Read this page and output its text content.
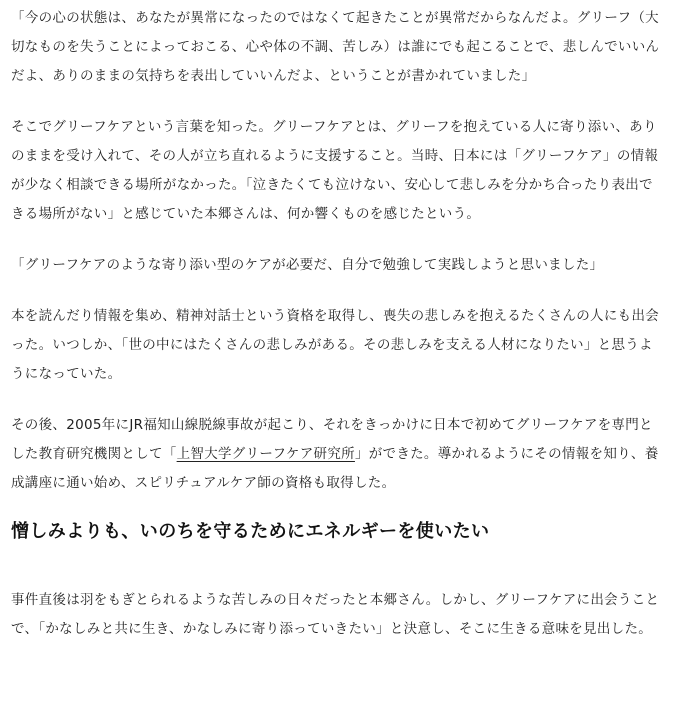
「今の心の状態は、あなたが異常になったのではなくて起きたことが異常だからなんだよ。グリーフ（大切なものを失うことによっておこる、心や体の不調、苦しみ）は誰にでも起こることで、悲しんでいいんだよ、ありのままの気持ちを表出していいんだよ、ということが書かれていました」

そこでグリーフケアという言葉を知った。グリーフケアとは、グリーフを抱えている人に寄り添い、ありのままを受け入れて、その人が立ち直れるように支援すること。当時、日本には「グリーフケア」の情報が少なく相談できる場所がなかった。「泣きたくても泣けない、安心して悲しみを分かち合ったり表出できる場所がない」と感じていた本郷さんは、何か響くものを感じたという。

「グリーフケアのような寄り添い型のケアが必要だ、自分で勉強して実践しようと思いました」

本を読んだり情報を集め、精神対話士という資格を取得し、喪失の悲しみを抱えるたくさんの人にも出会った。いつしか、「世の中にはたくさんの悲しみがある。その悲しみを支える人材になりたい」と思うようになっていた。

その後、2005年にJR福知山線脱線事故が起こり、それをきっかけに日本で初めてグリーフケアを専門とした教育研究機関として「上智大学グリーフケア研究所」ができた。導かれるようにその情報を知り、養成講座に通い始め、スピリチュアルケア師の資格も取得した。

憎しみよりも、いのちを守るためにエネルギーを使いたい

事件直後は羽をもぎとられるような苦しみの日々だったと本郷さん。しかし、グリーフケアに出会うことで、「かなしみと共に生き、かなしみに寄り添っていきたい」と決意し、そこに生きる意味を見出した。
